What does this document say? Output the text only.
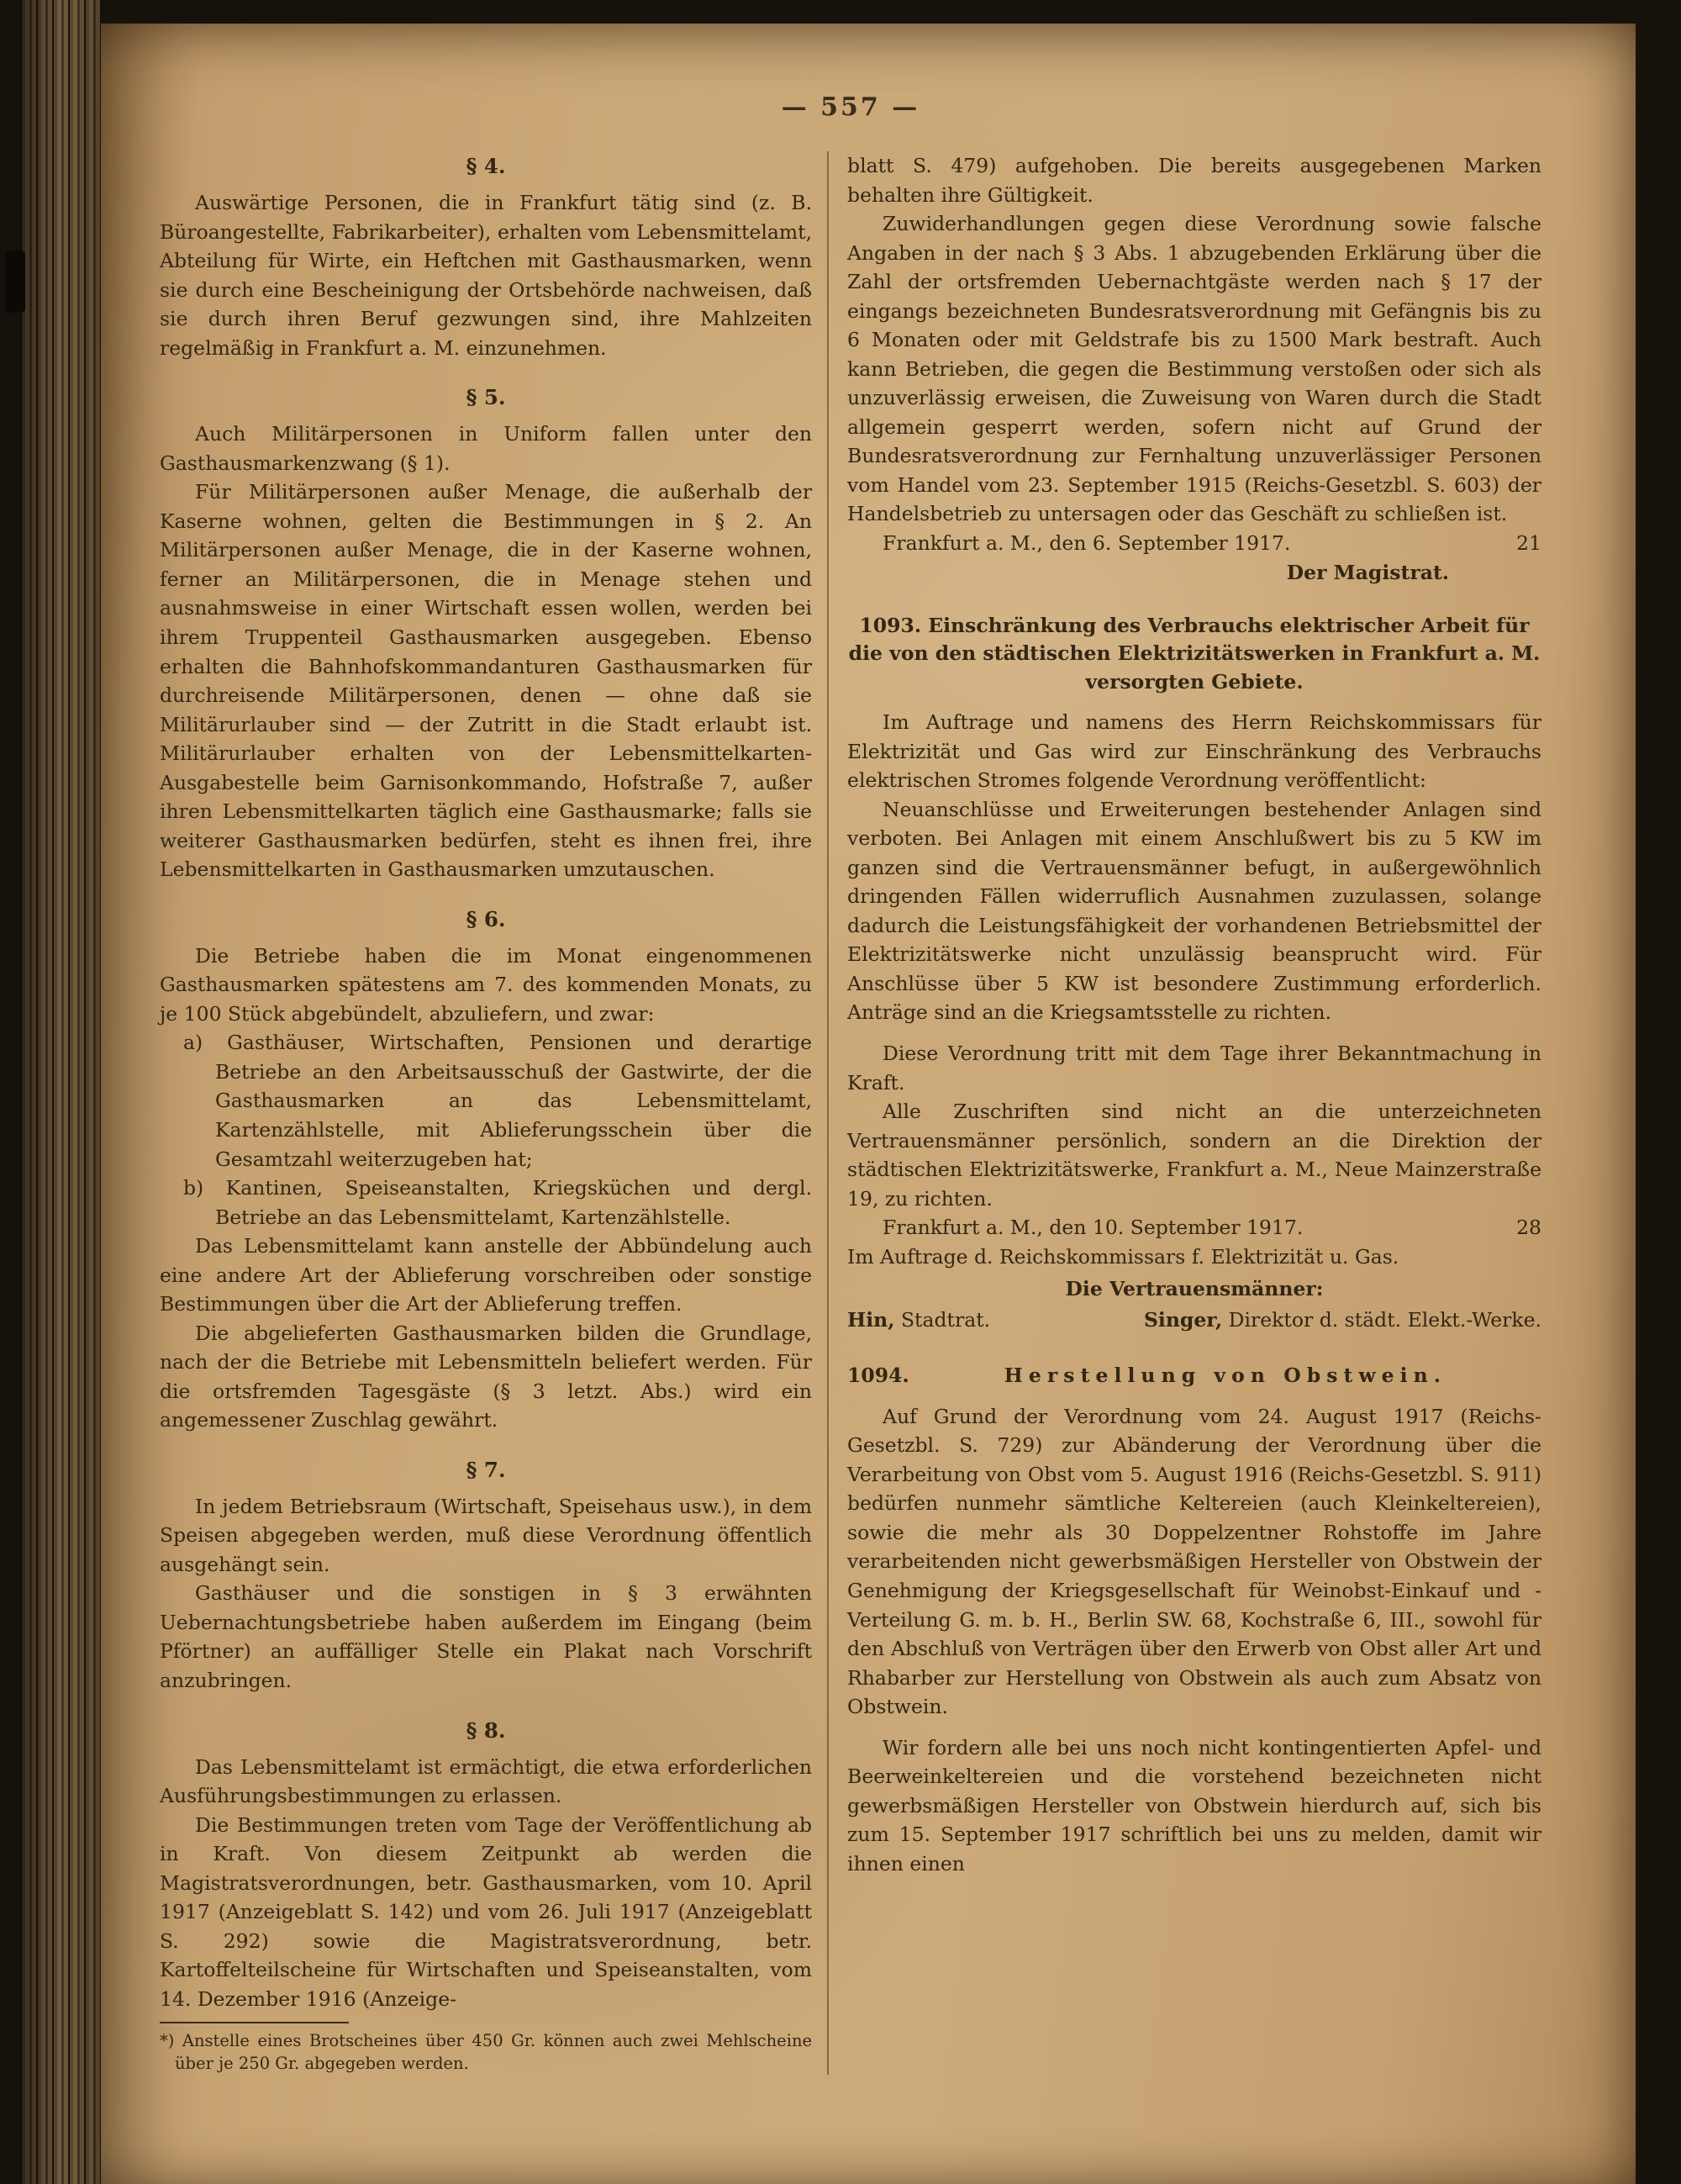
— 557 —

§ 4.

Auswärtige Personen, die in Frankfurt tätig sind (z. B. Büroangestellte, Fabrikarbeiter), erhalten vom Lebensmittelamt, Abteilung für Wirte, ein Heftchen mit Gasthausmarken, wenn sie durch eine Bescheinigung der Ortsbehörde nachweisen, daß sie durch ihren Beruf gezwungen sind, ihre Mahlzeiten regelmäßig in Frankfurt a. M. einzunehmen.

§ 5.

Auch Militärpersonen in Uniform fallen unter den Gasthausmarkenzwang (§ 1).

Für Militärpersonen außer Menage, die außerhalb der Kaserne wohnen, gelten die Bestimmungen in § 2. An Militärpersonen außer Menage, die in der Kaserne wohnen, ferner an Militärpersonen, die in Menage stehen und ausnahmsweise in einer Wirtschaft essen wollen, werden bei ihrem Truppenteil Gasthausmarken ausgegeben. Ebenso erhalten die Bahnhofskommandanturen Gasthausmarken für durchreisende Militärpersonen, denen — ohne daß sie Militärurlauber sind — der Zutritt in die Stadt erlaubt ist. Militärurlauber erhalten von der Lebensmittelkarten-Ausgabestelle beim Garnisonkommando, Hofstraße 7, außer ihren Lebensmittelkarten täglich eine Gasthausmarke; falls sie weiterer Gasthausmarken bedürfen, steht es ihnen frei, ihre Lebensmittelkarten in Gasthausmarken umzutauschen.

§ 6.

Die Betriebe haben die im Monat eingenommenen Gasthausmarken spätestens am 7. des kommenden Monats, zu je 100 Stück abgebündelt, abzuliefern, und zwar:

a) Gasthäuser, Wirtschaften, Pensionen und derartige Betriebe an den Arbeitsausschuß der Gastwirte, der die Gasthausmarken an das Lebensmittelamt, Kartenzählstelle, mit Ablieferungsschein über die Gesamtzahl weiterzugeben hat;

b) Kantinen, Speiseanstalten, Kriegsküchen und dergl. Betriebe an das Lebensmittelamt, Kartenzählstelle.

Das Lebensmittelamt kann anstelle der Abbündelung auch eine andere Art der Ablieferung vorschreiben oder sonstige Bestimmungen über die Art der Ablieferung treffen.

Die abgelieferten Gasthausmarken bilden die Grundlage, nach der die Betriebe mit Lebensmitteln beliefert werden. Für die ortsfremden Tagesgäste (§ 3 letzt. Abs.) wird ein angemessener Zuschlag gewährt.

§ 7.

In jedem Betriebsraum (Wirtschaft, Speisehaus usw.), in dem Speisen abgegeben werden, muß diese Verordnung öffentlich ausgehängt sein.

Gasthäuser und die sonstigen in § 3 erwähnten Uebernachtungsbetriebe haben außerdem im Eingang (beim Pförtner) an auffälliger Stelle ein Plakat nach Vorschrift anzubringen.

§ 8.

Das Lebensmittelamt ist ermächtigt, die etwa erforderlichen Ausführungsbestimmungen zu erlassen.

Die Bestimmungen treten vom Tage der Veröffentlichung ab in Kraft. Von diesem Zeitpunkt ab werden die Magistratsverordnungen, betr. Gasthausmarken, vom 10. April 1917 (Anzeigeblatt S. 142) und vom 26. Juli 1917 (Anzeigeblatt S. 292) sowie die Magistratsverordnung, betr. Kartoffelteilscheine für Wirtschaften und Speiseanstalten, vom 14. Dezember 1916 (Anzeige-

*) Anstelle eines Brotscheines über 450 Gr. können auch zwei Mehlscheine über je 250 Gr. abgegeben werden.

blatt S. 479) aufgehoben. Die bereits ausgegebenen Marken behalten ihre Gültigkeit.

Zuwiderhandlungen gegen diese Verordnung sowie falsche Angaben in der nach § 3 Abs. 1 abzugebenden Erklärung über die Zahl der ortsfremden Uebernachtgäste werden nach § 17 der eingangs bezeichneten Bundesratsverordnung mit Gefängnis bis zu 6 Monaten oder mit Geldstrafe bis zu 1500 Mark bestraft. Auch kann Betrieben, die gegen die Bestimmung verstoßen oder sich als unzuverlässig erweisen, die Zuweisung von Waren durch die Stadt allgemein gesperrt werden, sofern nicht auf Grund der Bundesratsverordnung zur Fernhaltung unzuverlässiger Personen vom Handel vom 23. September 1915 (Reichs-Gesetzbl. S. 603) der Handelsbetrieb zu untersagen oder das Geschäft zu schließen ist.
21

Frankfurt a. M., den 6. September 1917.

Der Magistrat.

1093. Einschränkung des Verbrauchs elektrischer Arbeit für die von den städtischen Elektrizitätswerken in Frankfurt a. M. versorgten Gebiete.

Im Auftrage und namens des Herrn Reichskommissars für Elektrizität und Gas wird zur Einschränkung des Verbrauchs elektrischen Stromes folgende Verordnung veröffentlicht:

Neuanschlüsse und Erweiterungen bestehender Anlagen sind verboten. Bei Anlagen mit einem Anschlußwert bis zu 5 KW im ganzen sind die Vertrauensmänner befugt, in außergewöhnlich dringenden Fällen widerruflich Ausnahmen zuzulassen, solange dadurch die Leistungsfähigkeit der vorhandenen Betriebsmittel der Elektrizitätswerke nicht unzulässig beansprucht wird. Für Anschlüsse über 5 KW ist besondere Zustimmung erforderlich. Anträge sind an die Kriegsamtsstelle zu richten.

Diese Verordnung tritt mit dem Tage ihrer Bekanntmachung in Kraft.

Alle Zuschriften sind nicht an die unterzeichneten Vertrauensmänner persönlich, sondern an die Direktion der städtischen Elektrizitätswerke, Frankfurt a. M., Neue Mainzerstraße 19, zu richten.

Frankfurt a. M., den 10. September 1917.	28

Im Auftrage d. Reichskommissars f. Elektrizität u. Gas.

Die Vertrauensmänner:

Hin, Stadtrat.	Singer, Direktor d. städt. Elekt.-Werke.

1094.	Herstellung von Obstwein.

Auf Grund der Verordnung vom 24. August 1917 (Reichs-Gesetzbl. S. 729) zur Abänderung der Verordnung über die Verarbeitung von Obst vom 5. August 1916 (Reichs-Gesetzbl. S. 911) bedürfen nunmehr sämtliche Keltereien (auch Kleinkeltereien), sowie die mehr als 30 Doppelzentner Rohstoffe im Jahre verarbeitenden nicht gewerbsmäßigen Hersteller von Obstwein der Genehmigung der Kriegsgesellschaft für Weinobst-Einkauf und -Verteilung G. m. b. H., Berlin SW. 68, Kochstraße 6, III., sowohl für den Abschluß von Verträgen über den Erwerb von Obst aller Art und Rhabarber zur Herstellung von Obstwein als auch zum Absatz von Obstwein.

Wir fordern alle bei uns noch nicht kontingentierten Apfel- und Beerweinkeltereien und die vorstehend bezeichneten nicht gewerbsmäßigen Hersteller von Obstwein hierdurch auf, sich bis zum 15. September 1917 schriftlich bei uns zu melden, damit wir ihnen einen
